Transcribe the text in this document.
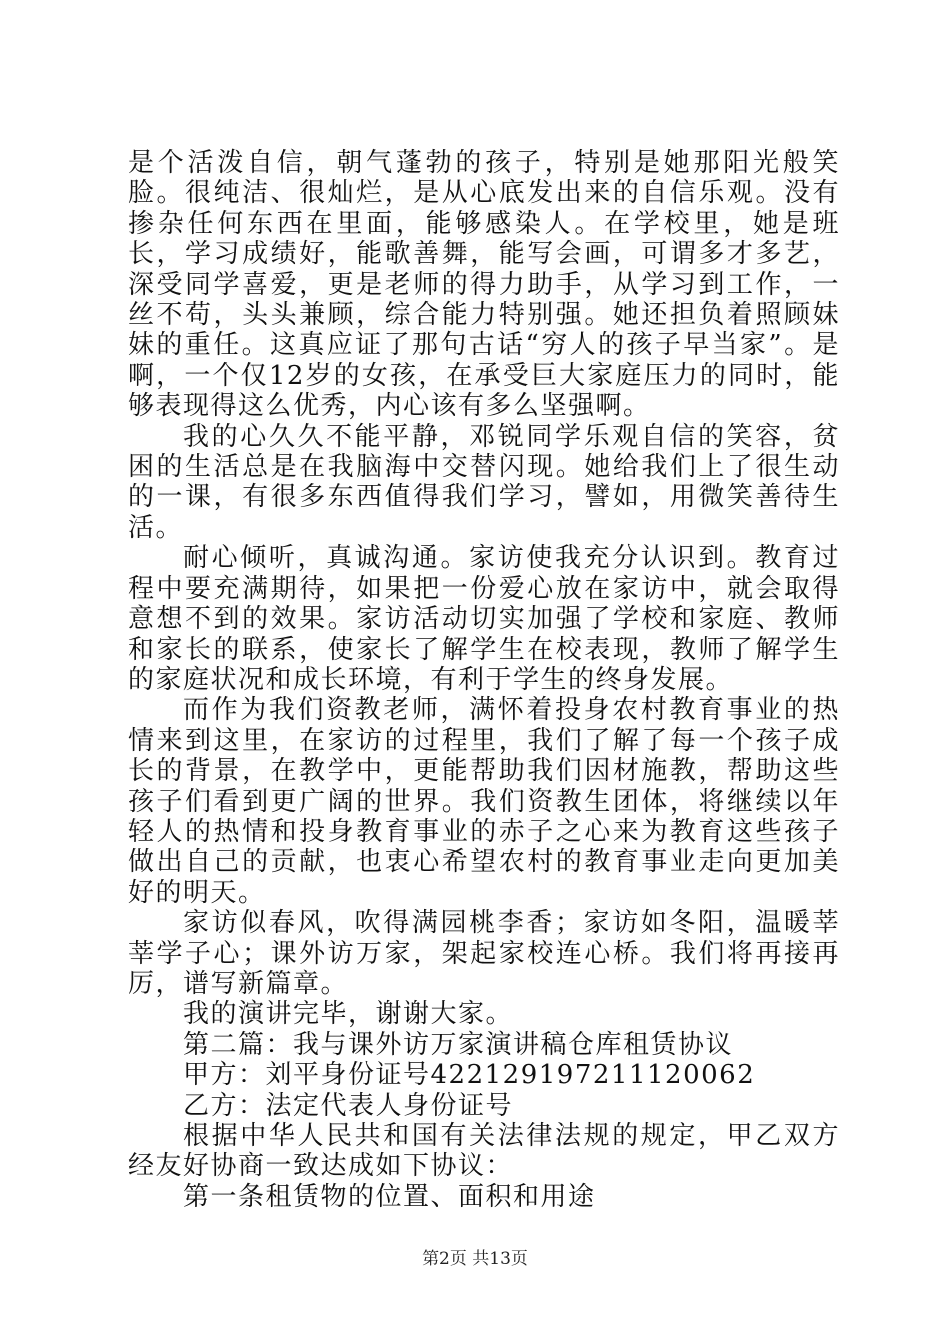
是个活泼自信，朝气蓬勃的孩子，特别是她那阳光般笑脸。很纯洁、很灿烂，是从心底发出来的自信乐观。没有掺杂任何东西在里面，能够感染人。在学校里，她是班长，学习成绩好，能歌善舞，能写会画，可谓多才多艺，深受同学喜爱，更是老师的得力助手，从学习到工作，一丝不苟，头头兼顾，综合能力特别强。她还担负着照顾妹妹的重任。这真应证了那句古话“穷人的孩子早当家”。是啊，一个仅12岁的女孩，在承受巨大家庭压力的同时，能够表现得这么优秀，内心该有多么坚强啊。

我的心久久不能平静，邓锐同学乐观自信的笑容，贫困的生活总是在我脑海中交替闪现。她给我们上了很生动的一课，有很多东西值得我们学习，譬如，用微笑善待生活。

耐心倾听，真诚沟通。家访使我充分认识到。教育过程中要充满期待，如果把一份爱心放在家访中，就会取得意想不到的效果。家访活动切实加强了学校和家庭、教师和家长的联系，使家长了解学生在校表现，教师了解学生的家庭状况和成长环境，有利于学生的终身发展。

而作为我们资教老师，满怀着投身农村教育事业的热情来到这里，在家访的过程里，我们了解了每一个孩子成长的背景，在教学中，更能帮助我们因材施教，帮助这些孩子们看到更广阔的世界。我们资教生团体，将继续以年轻人的热情和投身教育事业的赤子之心来为教育这些孩子做出自己的贡献，也衷心希望农村的教育事业走向更加美好的明天。

家访似春风，吹得满园桃李香；家访如冬阳，温暖莘莘学子心；课外访万家，架起家校连心桥。我们将再接再厉，谱写新篇章。

我的演讲完毕，谢谢大家。

第二篇：我与课外访万家演讲稿仓库租赁协议

甲方：刘平身份证号422129197211120062

乙方：法定代表人身份证号

根据中华人民共和国有关法律法规的规定，甲乙双方经友好协商一致达成如下协议：

第一条租赁物的位置、面积和用途

第2页 共13页
